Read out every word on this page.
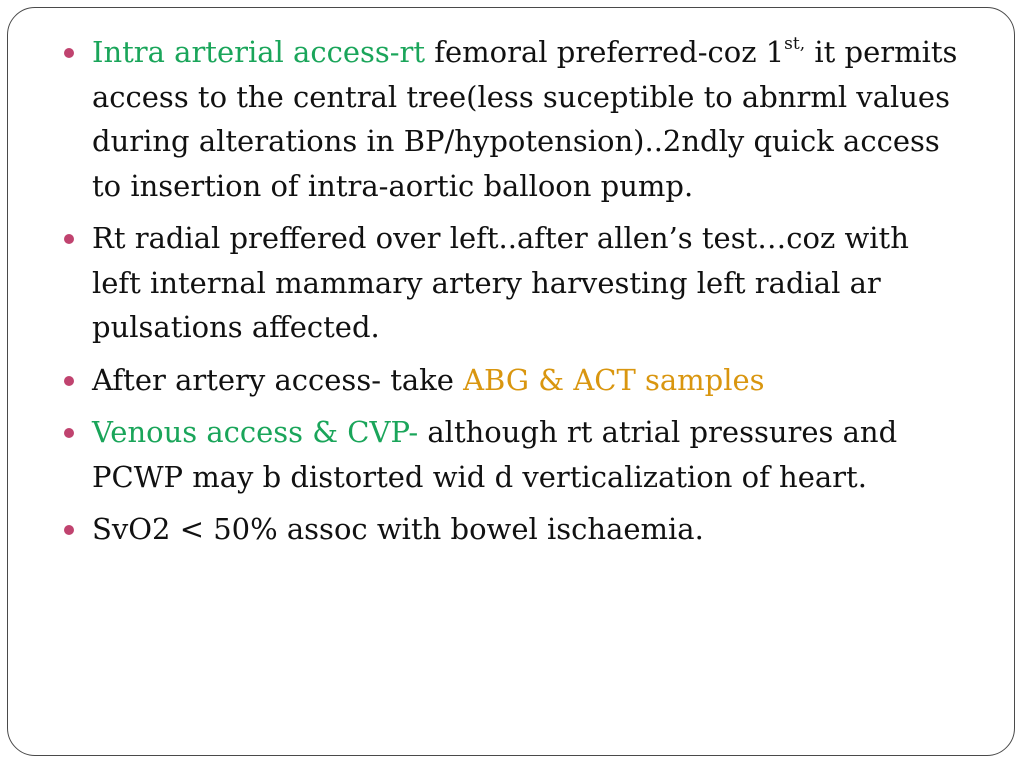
Intra arterial access-rt femoral preferred-coz $1^{st,}$ it permits access to the central tree(less suceptible to abnrml values during alterations in BP/hypotension)..2ndly quick access to insertion of intra-aortic balloon pump.
Rt radial preffered over left..after allen’s test…coz with left internal mammary artery harvesting left radial ar pulsations affected.
After artery access- take ABG & ACT samples
Venous access & CVP- although rt atrial pressures and PCWP may b distorted wid d verticalization of heart.
SvO2 < 50% assoc with bowel ischaemia.
